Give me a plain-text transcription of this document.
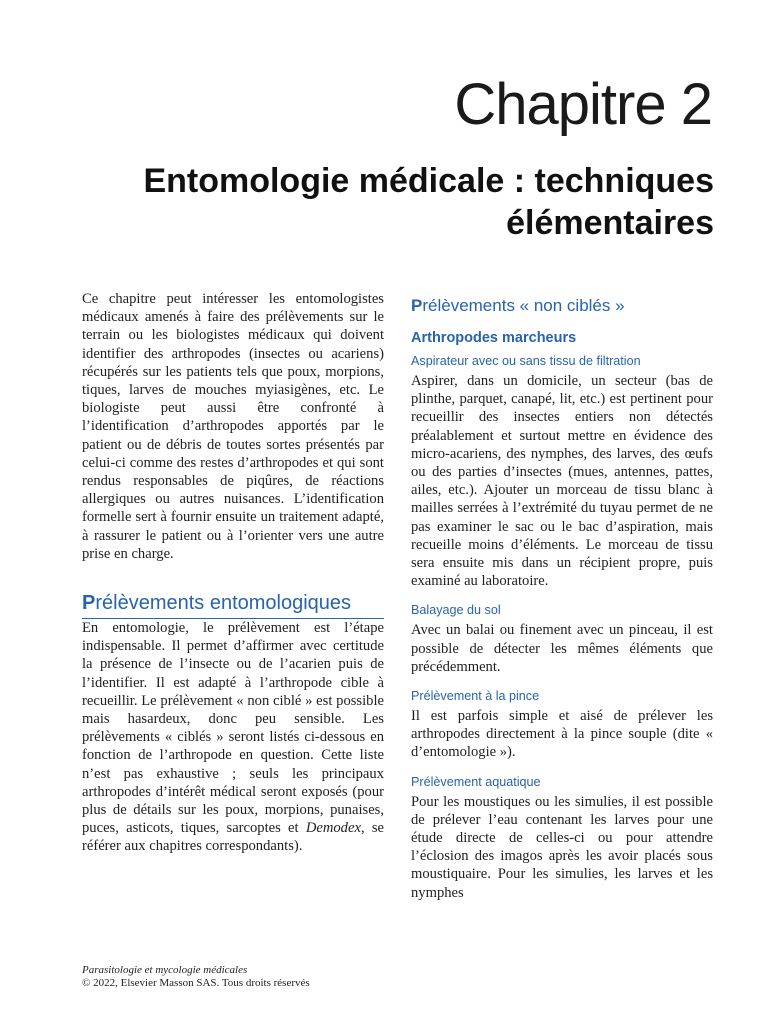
Chapitre 2
Entomologie médicale : techniques élémentaires

Ce chapitre peut intéresser les entomologistes médicaux amenés à faire des prélèvements sur le terrain ou les biologistes médicaux qui doivent identifier des arthropodes (insectes ou acariens) récupérés sur les patients tels que poux, morpions, tiques, larves de mouches myiasigènes, etc. Le biologiste peut aussi être confronté à l’identification d’arthropodes apportés par le patient ou de débris de toutes sortes présentés par celui-ci comme des restes d’arthropodes et qui sont rendus responsables de piqûres, de réactions allergiques ou autres nuisances. L’identification formelle sert à fournir ensuite un traitement adapté, à rassurer le patient ou à l’orienter vers une autre prise en charge.

Prélèvements entomologiques

En entomologie, le prélèvement est l’étape indispensable. Il permet d’affirmer avec certitude la présence de l’insecte ou de l’acarien puis de l’identifier. Il est adapté à l’arthropode cible à recueillir. Le prélèvement « non ciblé » est possible mais hasardeux, donc peu sensible. Les prélèvements « ciblés » seront listés ci-dessous en fonction de l’arthropode en question. Cette liste n’est pas exhaustive ; seuls les principaux arthropodes d’intérêt médical seront exposés (pour plus de détails sur les poux, morpions, punaises, puces, asticots, tiques, sarcoptes et Demodex, se référer aux chapitres correspondants).

Prélèvements « non ciblés »
Arthropodes marcheurs
Aspirateur avec ou sans tissu de filtration

Aspirer, dans un domicile, un secteur (bas de plinthe, parquet, canapé, lit, etc.) est pertinent pour recueillir des insectes entiers non détectés préalablement et surtout mettre en évidence des micro-acariens, des nymphes, des larves, des œufs ou des parties d’insectes (mues, antennes, pattes, ailes, etc.). Ajouter un morceau de tissu blanc à mailles serrées à l’extrémité du tuyau permet de ne pas examiner le sac ou le bac d’aspiration, mais recueille moins d’éléments. Le morceau de tissu sera ensuite mis dans un récipient propre, puis examiné au laboratoire.

Balayage du sol

Avec un balai ou finement avec un pinceau, il est possible de détecter les mêmes éléments que précédemment.

Prélèvement à la pince

Il est parfois simple et aisé de prélever les arthropodes directement à la pince souple (dite « d’entomologie »).

Prélèvement aquatique

Pour les moustiques ou les simulies, il est possible de prélever l’eau contenant les larves pour une étude directe de celles-ci ou pour attendre l’éclosion des imagos après les avoir placés sous moustiquaire. Pour les simulies, les larves et les nymphes

Parasitologie et mycologie médicales
© 2022, Elsevier Masson SAS. Tous droits réservés
